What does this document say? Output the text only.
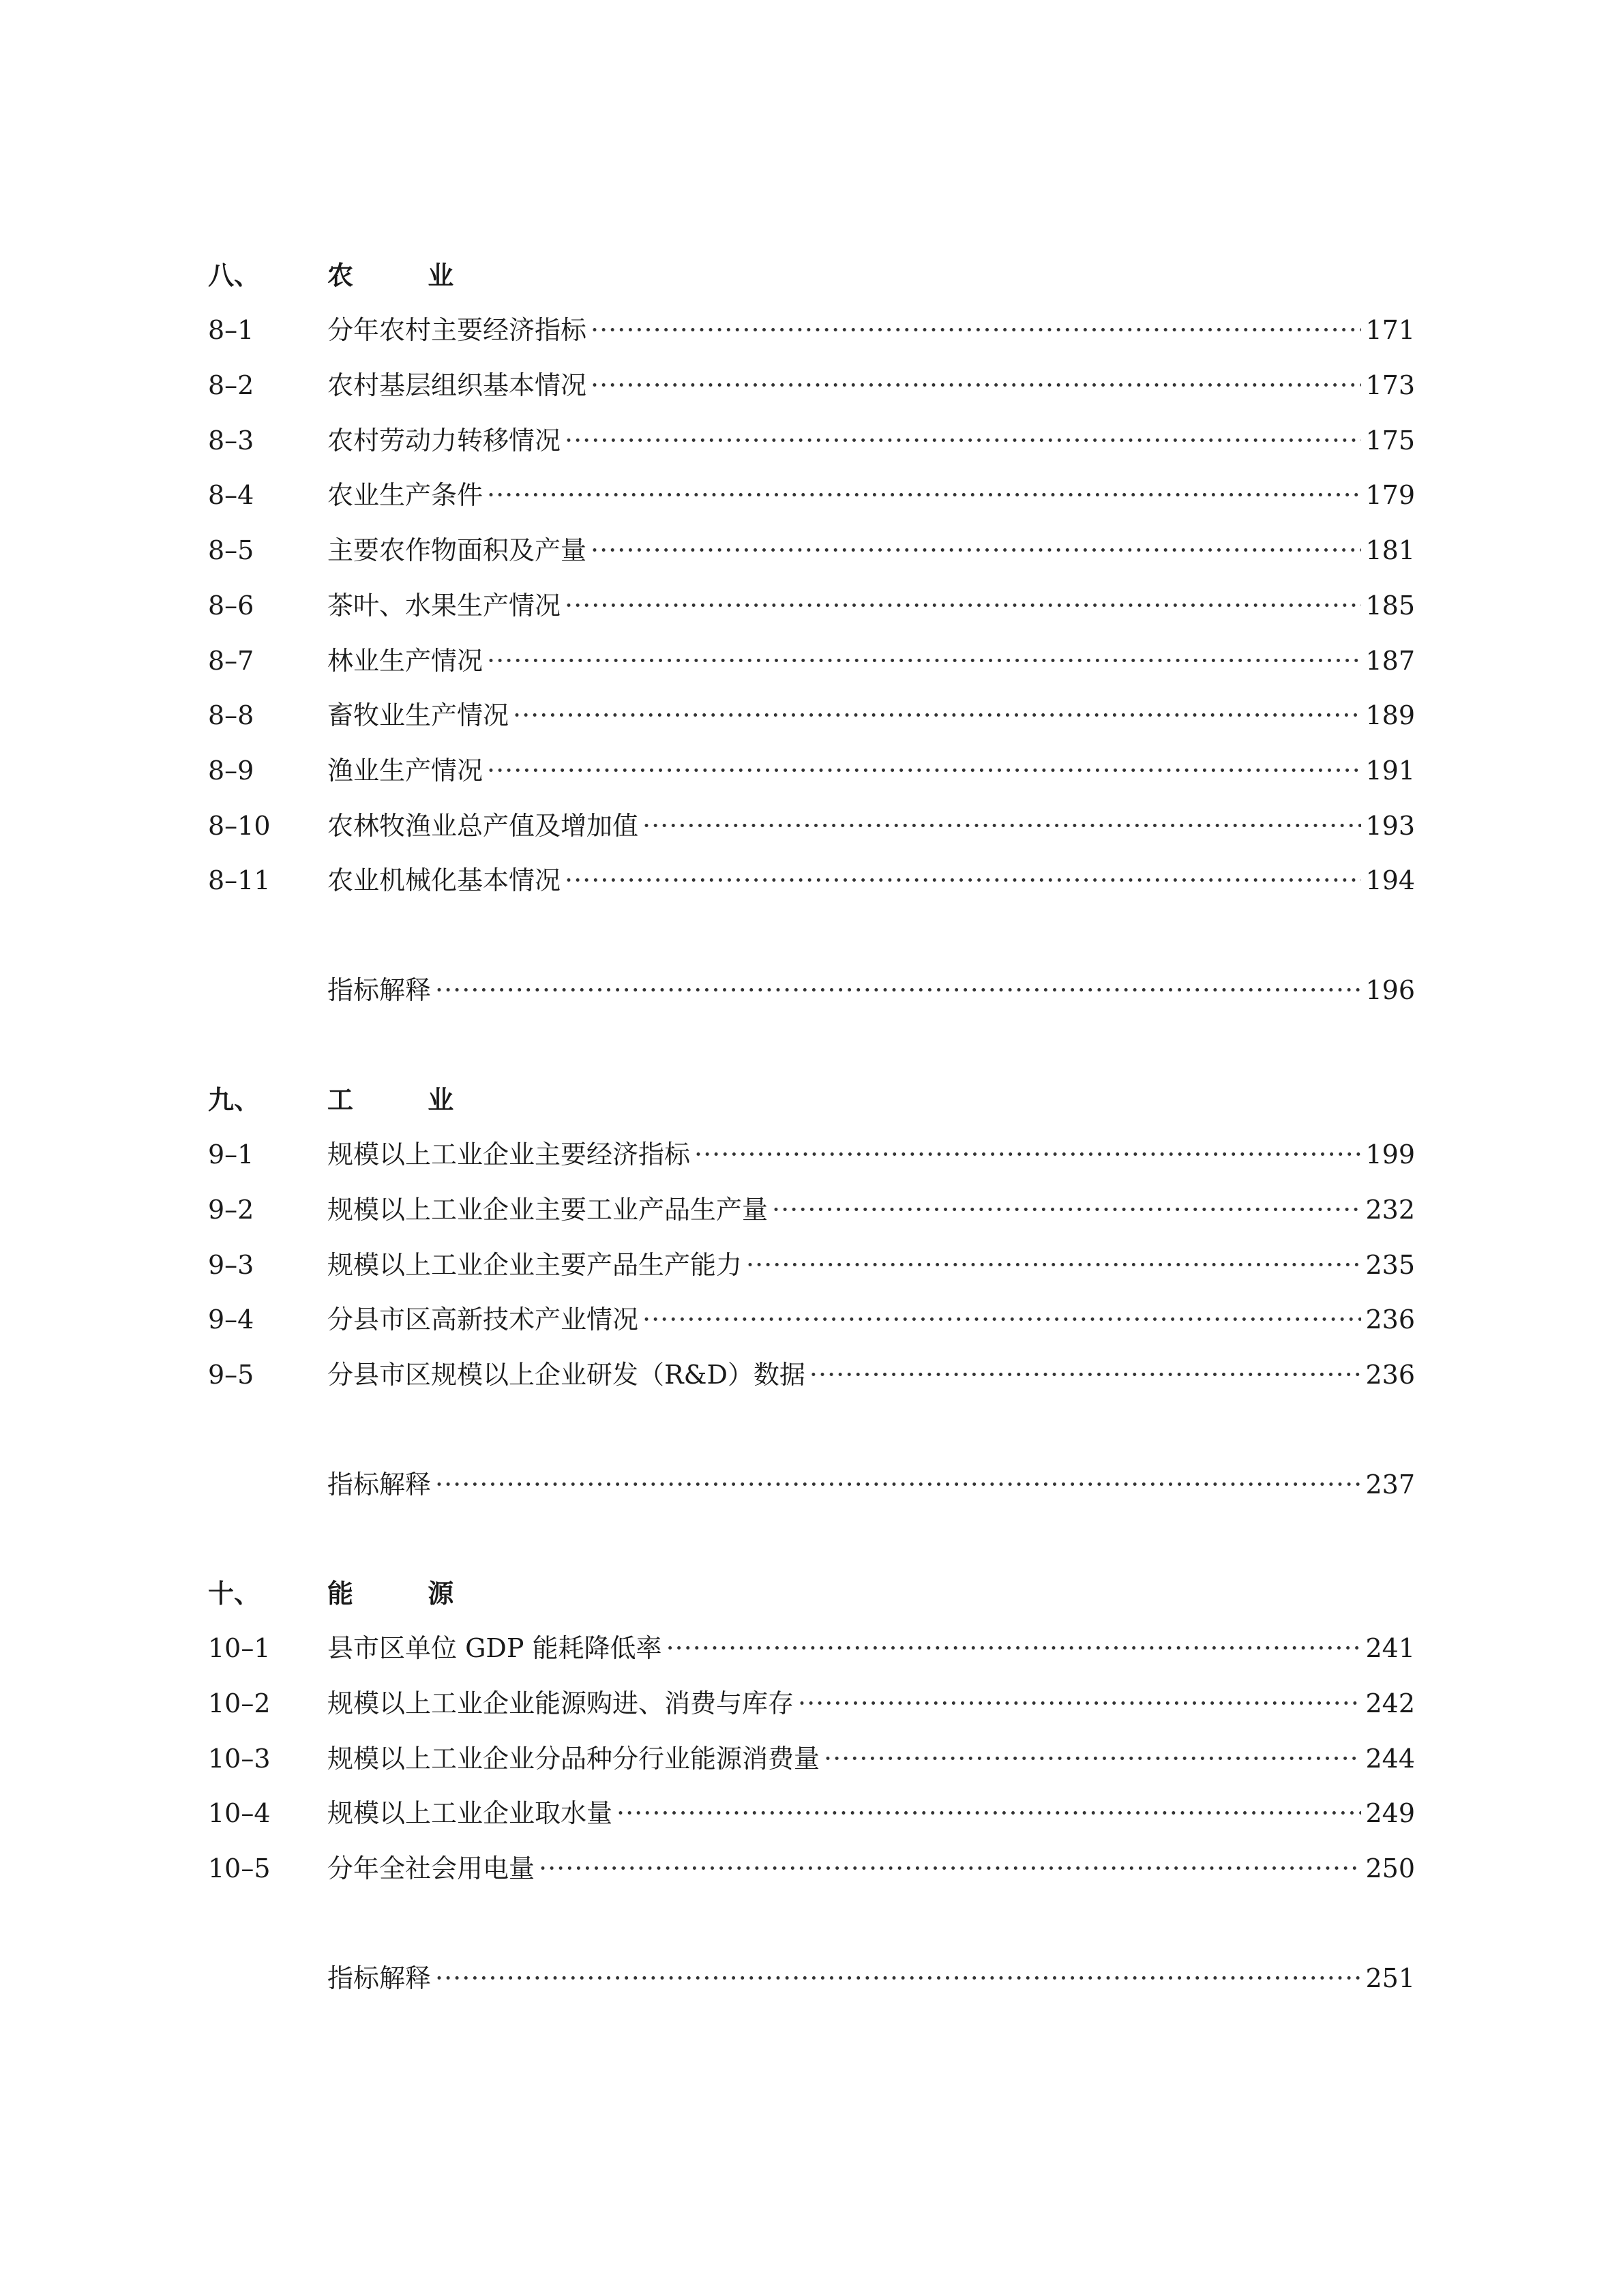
八、	农 业
8–1	分年农村主要经济指标 ·····	171
8–2	农村基层组织基本情况 ·····	173
8–3	农村劳动力转移情况 ·····	175
8–4	农业生产条件 ·····	179
8–5	主要农作物面积及产量 ·····	181
8–6	茶叶、水果生产情况 ·····	185
8–7	林业生产情况 ·····	187
8–8	畜牧业生产情况 ·····	189
8–9	渔业生产情况 ·····	191
8–10 农林牧渔业总产值及增加值 ·····	193
8–11 农业机械化基本情况 ·····	194
指标解释 ·····	196
九、	工 业
9–1	规模以上工业企业主要经济指标 ·····	199
9–2	规模以上工业企业主要工业产品生产量 ·····	232
9–3	规模以上工业企业主要产品生产能力 ·····	235
9–4	分县市区高新技术产业情况 ·····	236
9–5	分县市区规模以上企业研发（R&D）数据 ·····	236
指标解释 ·····	237
十、	能 源
10–1 县市区单位 GDP 能耗降低率 ·····	241
10–2 规模以上工业企业能源购进、消费与库存 ·····	242
10–3 规模以上工业企业分品种分行业能源消费量 ·····	244
10–4 规模以上工业企业取水量 ·····	249
10–5 分年全社会用电量 ·····	250
指标解释 ·····	251
